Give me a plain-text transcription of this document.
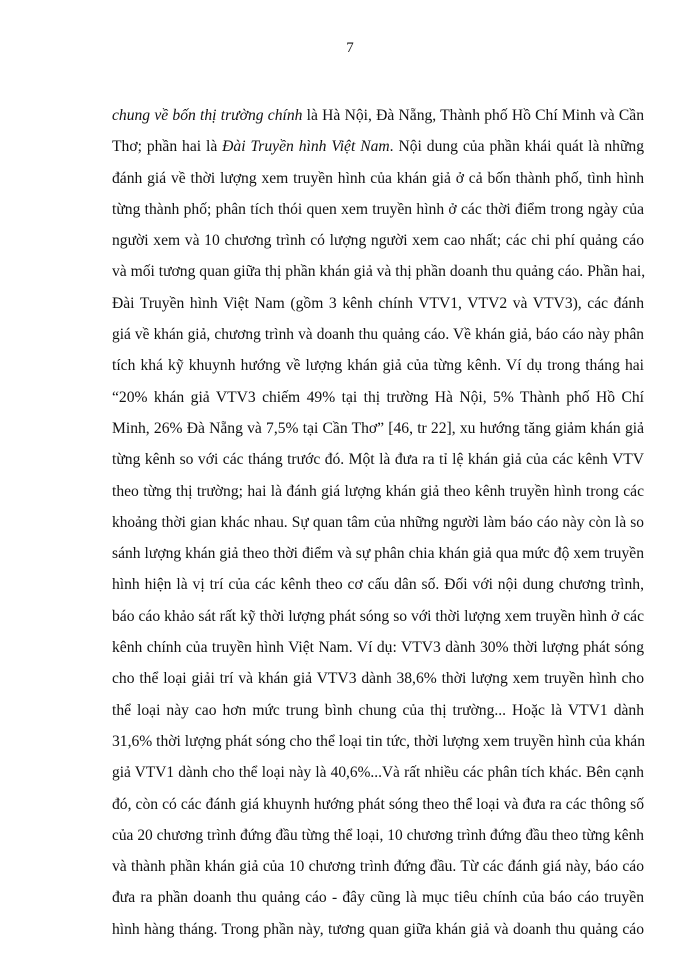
7
chung về bốn thị trường chính là Hà Nội, Đà Nẵng, Thành phố Hồ Chí Minh và Cần
Thơ; phần hai là Đài Truyền hình Việt Nam. Nội dung của phần khái quát là những
đánh giá về thời lượng xem truyền hình của khán giả ở cả bốn thành phố, tình hình
từng thành phố; phân tích thói quen xem truyền hình ở các thời điểm trong ngày của
người xem và 10 chương trình có lượng người xem cao nhất; các chi phí quảng cáo
và mối tương quan giữa thị phần khán giả và thị phần doanh thu quảng cáo. Phần hai,
Đài Truyền hình Việt Nam (gồm 3 kênh chính VTV1, VTV2 và VTV3), các đánh
giá về khán giả, chương trình và doanh thu quảng cáo. Về khán giả, báo cáo này phân
tích khá kỹ khuynh hướng về lượng khán giả của từng kênh. Ví dụ trong tháng hai
“20% khán giả VTV3 chiếm 49% tại thị trường Hà Nội, 5% Thành phố Hồ Chí
Minh, 26% Đà Nẵng và 7,5% tại Cần Thơ” [46, tr 22], xu hướng tăng giảm khán giả
từng kênh so với các tháng trước đó. Một là đưa ra tỉ lệ khán giả của các kênh VTV
theo từng thị trường; hai là đánh giá lượng khán giả theo kênh truyền hình trong các
khoảng thời gian khác nhau. Sự quan tâm của những người làm báo cáo này còn là so
sánh lượng khán giả theo thời điểm và sự phân chia khán giả qua mức độ xem truyền
hình hiện là vị trí của các kênh theo cơ cấu dân số. Đối với nội dung chương trình,
báo cáo khảo sát rất kỹ thời lượng phát sóng so với thời lượng xem truyền hình ở các
kênh chính của truyền hình Việt Nam. Ví dụ: VTV3 dành 30% thời lượng phát sóng
cho thể loại giải trí và khán giả VTV3 dành 38,6% thời lượng xem truyền hình cho
thể loại này cao hơn mức trung bình chung của thị trường... Hoặc là VTV1 dành
31,6% thời lượng phát sóng cho thể loại tin tức, thời lượng xem truyền hình của khán
giả VTV1 dành cho thể loại này là 40,6%...Và rất nhiều các phân tích khác. Bên cạnh
đó, còn có các đánh giá khuynh hướng phát sóng theo thể loại và đưa ra các thông số
của 20 chương trình đứng đầu từng thể loại, 10 chương trình đứng đầu theo từng kênh
và thành phần khán giả của 10 chương trình đứng đầu. Từ các đánh giá này, báo cáo
đưa ra phần doanh thu quảng cáo - đây cũng là mục tiêu chính của báo cáo truyền
hình hàng tháng. Trong phần này, tương quan giữa khán giả và doanh thu quảng cáo
